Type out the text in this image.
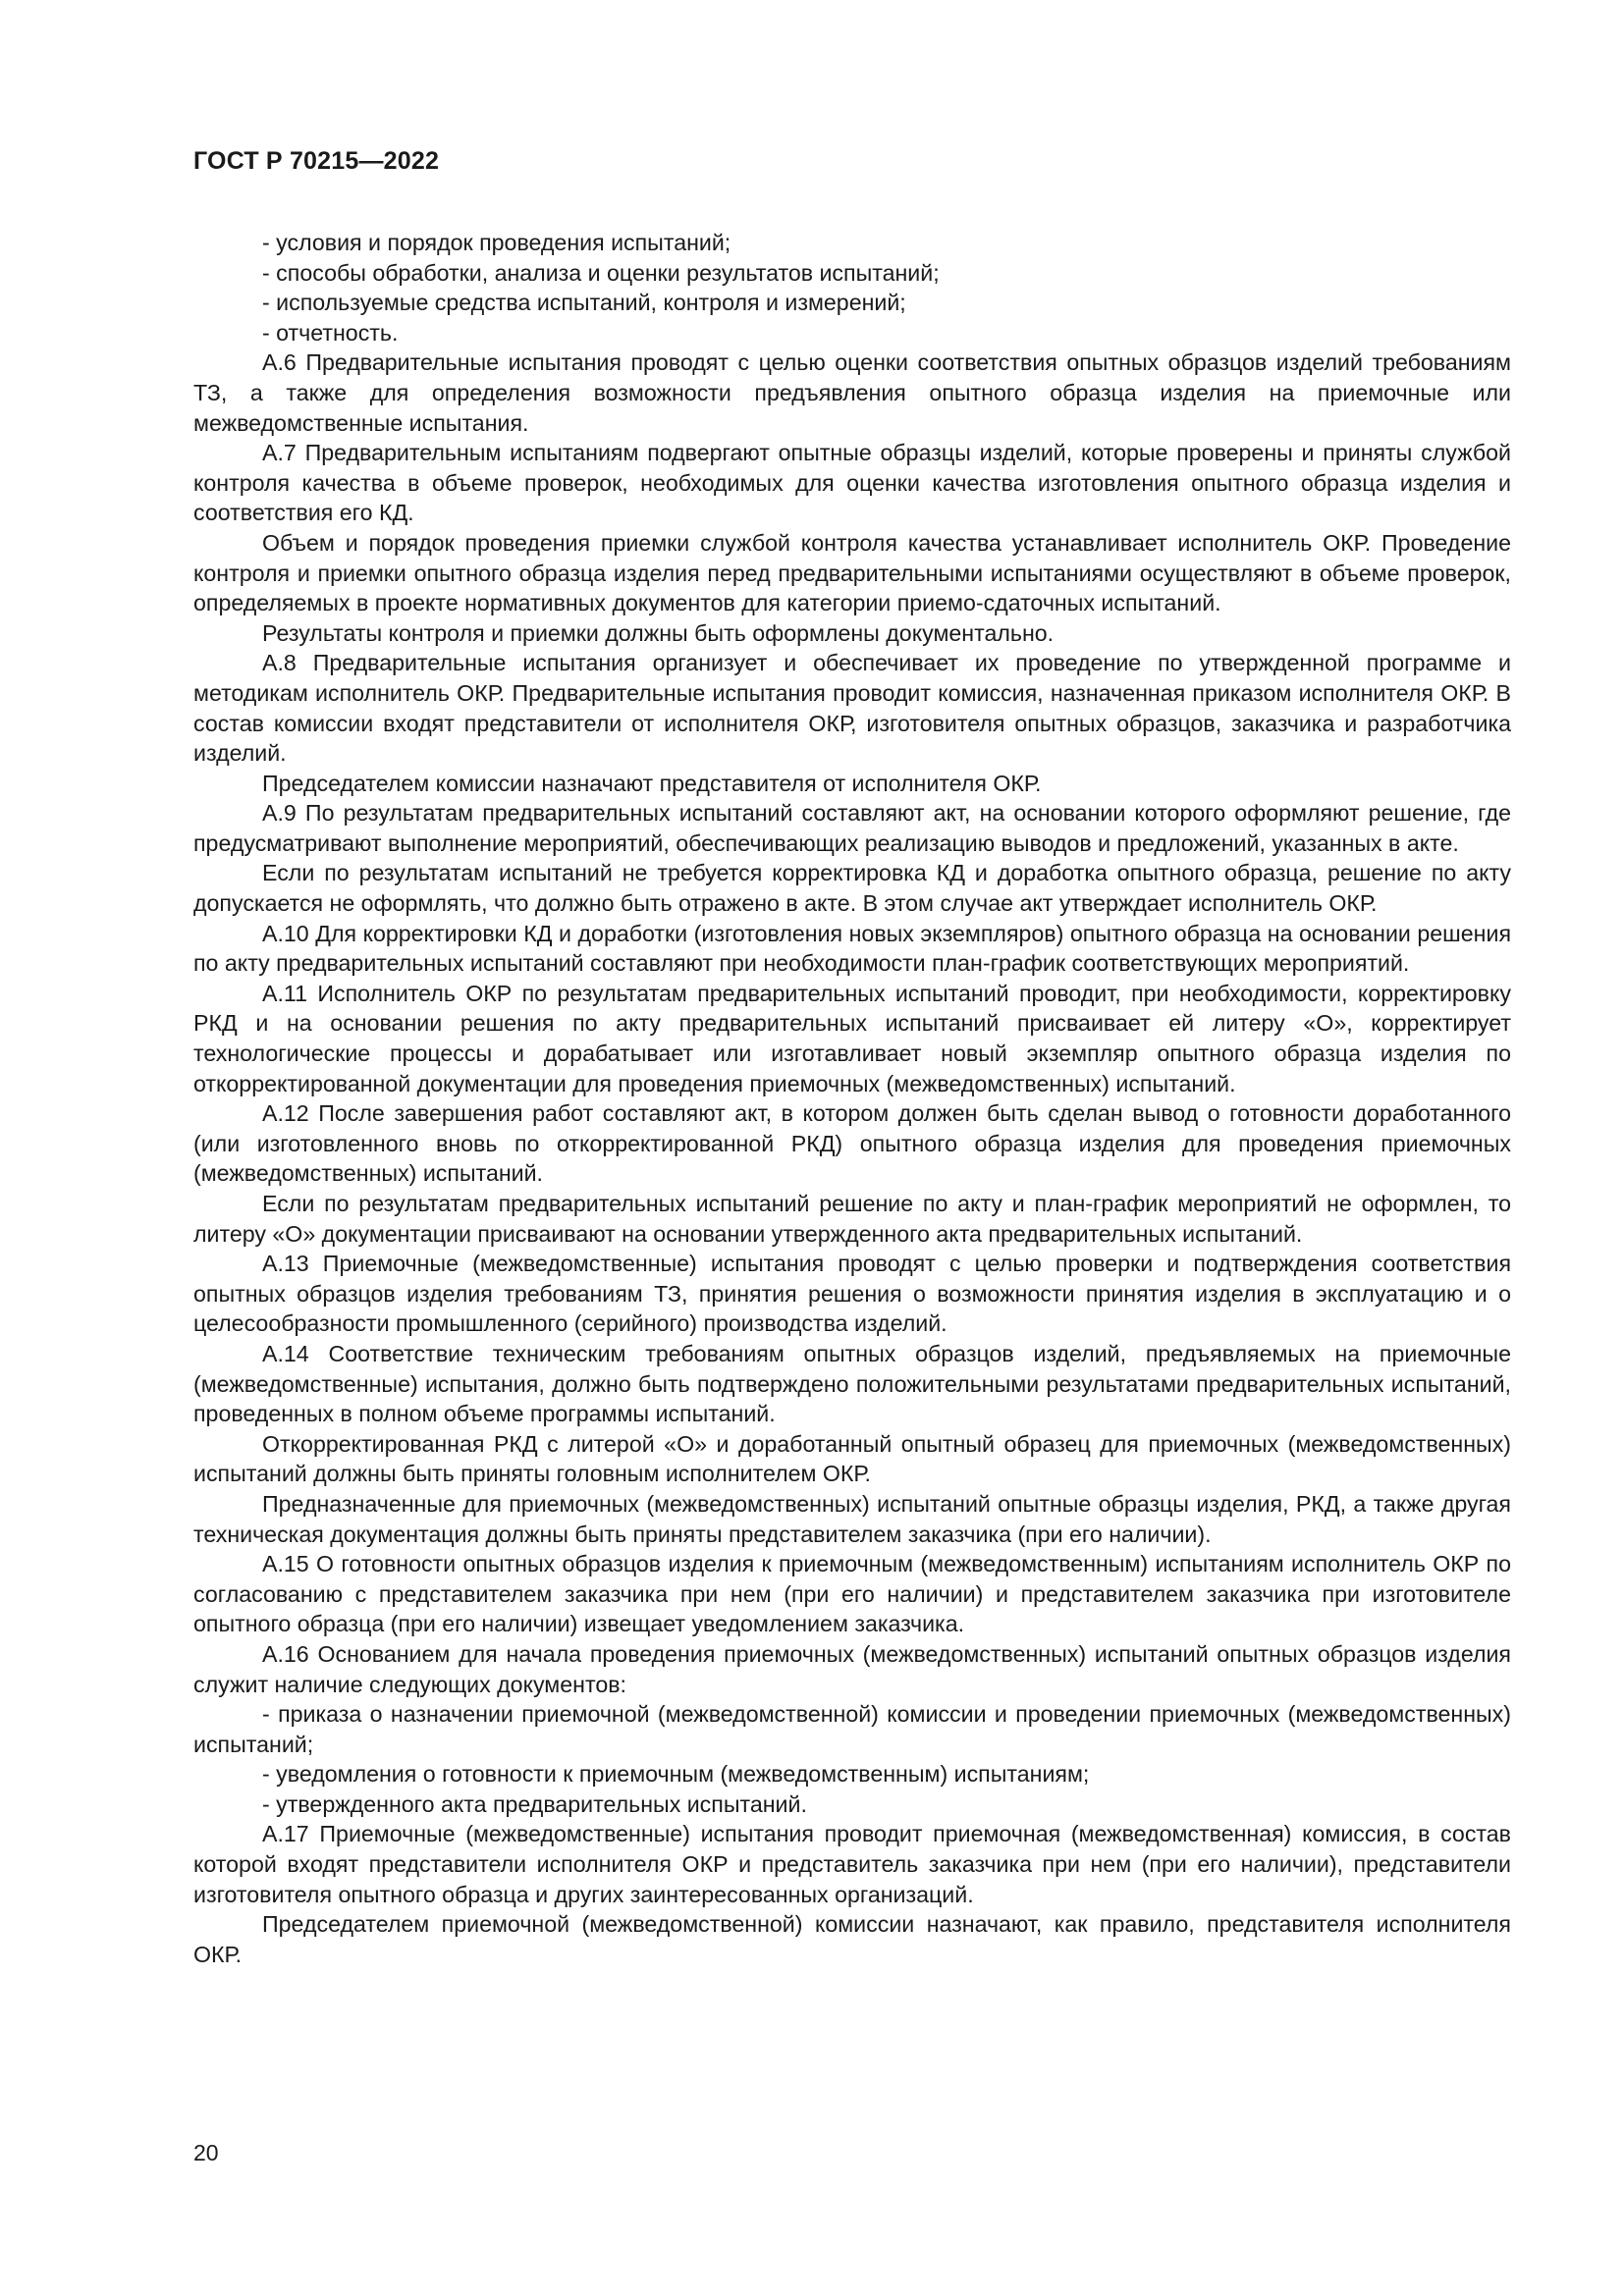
ГОСТ Р 70215—2022

- условия и порядок проведения испытаний;

- способы обработки, анализа и оценки результатов испытаний;

- используемые средства испытаний, контроля и измерений;

- отчетность.

А.6 Предварительные испытания проводят с целью оценки соответствия опытных образцов изделий требованиям ТЗ, а также для определения возможности предъявления опытного образца изделия на приемочные или межведомственные испытания.

А.7 Предварительным испытаниям подвергают опытные образцы изделий, которые проверены и приняты службой контроля качества в объеме проверок, необходимых для оценки качества изготовления опытного образца изделия и соответствия его КД.

Объем и порядок проведения приемки службой контроля качества устанавливает исполнитель ОКР. Проведение контроля и приемки опытного образца изделия перед предварительными испытаниями осуществляют в объеме проверок, определяемых в проекте нормативных документов для категории приемо-сдаточных испытаний.

Результаты контроля и приемки должны быть оформлены документально.

А.8 Предварительные испытания организует и обеспечивает их проведение по утвержденной программе и методикам исполнитель ОКР. Предварительные испытания проводит комиссия, назначенная приказом исполнителя ОКР. В состав комиссии входят представители от исполнителя ОКР, изготовителя опытных образцов, заказчика и разработчика изделий.

Председателем комиссии назначают представителя от исполнителя ОКР.

А.9 По результатам предварительных испытаний составляют акт, на основании которого оформляют решение, где предусматривают выполнение мероприятий, обеспечивающих реализацию выводов и предложений, указанных в акте.

Если по результатам испытаний не требуется корректировка КД и доработка опытного образца, решение по акту допускается не оформлять, что должно быть отражено в акте. В этом случае акт утверждает исполнитель ОКР.

А.10 Для корректировки КД и доработки (изготовления новых экземпляров) опытного образца на основании решения по акту предварительных испытаний составляют при необходимости план-график соответствующих мероприятий.

А.11 Исполнитель ОКР по результатам предварительных испытаний проводит, при необходимости, корректировку РКД и на основании решения по акту предварительных испытаний присваивает ей литеру «О», корректирует технологические процессы и дорабатывает или изготавливает новый экземпляр опытного образца изделия по откорректированной документации для проведения приемочных (межведомственных) испытаний.

А.12 После завершения работ составляют акт, в котором должен быть сделан вывод о готовности доработанного (или изготовленного вновь по откорректированной РКД) опытного образца изделия для проведения приемочных (межведомственных) испытаний.

Если по результатам предварительных испытаний решение по акту и план-график мероприятий не оформлен, то литеру «О» документации присваивают на основании утвержденного акта предварительных испытаний.

А.13 Приемочные (межведомственные) испытания проводят с целью проверки и подтверждения соответствия опытных образцов изделия требованиям ТЗ, принятия решения о возможности принятия изделия в эксплуатацию и о целесообразности промышленного (серийного) производства изделий.

А.14 Соответствие техническим требованиям опытных образцов изделий, предъявляемых на приемочные (межведомственные) испытания, должно быть подтверждено положительными результатами предварительных испытаний, проведенных в полном объеме программы испытаний.

Откорректированная РКД с литерой «О» и доработанный опытный образец для приемочных (межведомственных) испытаний должны быть приняты головным исполнителем ОКР.

Предназначенные для приемочных (межведомственных) испытаний опытные образцы изделия, РКД, а также другая техническая документация должны быть приняты представителем заказчика (при его наличии).

А.15 О готовности опытных образцов изделия к приемочным (межведомственным) испытаниям исполнитель ОКР по согласованию с представителем заказчика при нем (при его наличии) и представителем заказчика при изготовителе опытного образца (при его наличии) извещает уведомлением заказчика.

А.16 Основанием для начала проведения приемочных (межведомственных) испытаний опытных образцов изделия служит наличие следующих документов:

- приказа о назначении приемочной (межведомственной) комиссии и проведении приемочных (межведомственных) испытаний;

- уведомления о готовности к приемочным (межведомственным) испытаниям;

- утвержденного акта предварительных испытаний.

А.17 Приемочные (межведомственные) испытания проводит приемочная (межведомственная) комиссия, в состав которой входят представители исполнителя ОКР и представитель заказчика при нем (при его наличии), представители изготовителя опытного образца и других заинтересованных организаций.

Председателем приемочной (межведомственной) комиссии назначают, как правило, представителя исполнителя ОКР.

20
